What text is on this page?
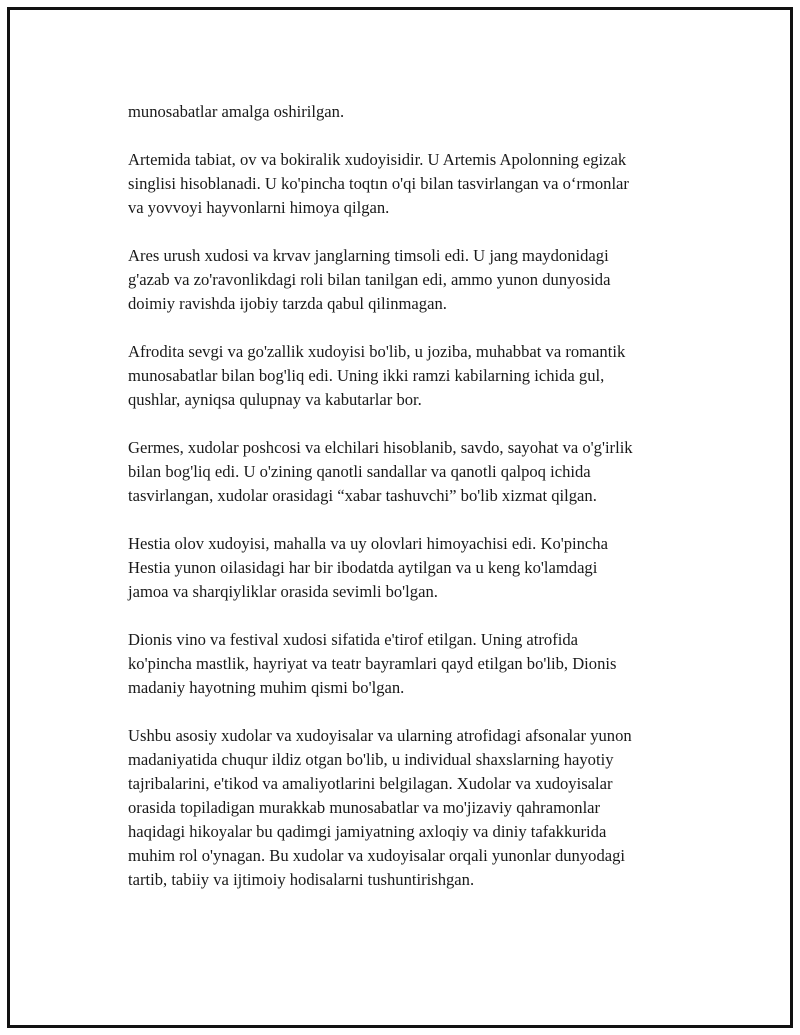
munosabatlar amalga oshirilgan.

Artemida tabiat, ov va bokiralik xudoyisidir. U Artemis Apolonning egizak
singlisi hisoblanadi. U ko'pincha toqtın o'qi bilan tasvirlangan va o‘rmonlar
va yovvoyi hayvonlarni himoya qilgan.

Ares urush xudosi va krvav janglarning timsoli edi. U jang maydonidagi
g'azab va zo'ravonlikdagi roli bilan tanilgan edi, ammo yunon dunyosida
doimiy ravishda ijobiy tarzda qabul qilinmagan.

Afrodita sevgi va go'zallik xudoyisi bo'lib, u joziba, muhabbat va romantik
munosabatlar bilan bog'liq edi. Uning ikki ramzi kabilarning ichida gul,
qushlar, ayniqsa qulupnay va kabutarlar bor.

Germes, xudolar poshcosi va elchilari hisoblanib, savdo, sayohat va o'g'irlik
bilan bog'liq edi. U o'zining qanotli sandallar va qanotli qalpoq ichida
tasvirlangan, xudolar orasidagi “xabar tashuvchi” bo'lib xizmat qilgan.

Hestia olov xudoyisi, mahalla va uy olovlari himoyachisi edi. Ko'pincha
Hestia yunon oilasidagi har bir ibodatda aytilgan va u keng ko'lamdagi
jamoa va sharqiyliklar orasida sevimli bo'lgan.

Dionis vino va festival xudosi sifatida e'tirof etilgan. Uning atrofida
ko'pincha mastlik, hayriyat va teatr bayramlari qayd etilgan bo'lib, Dionis
madaniy hayotning muhim qismi bo'lgan.

Ushbu asosiy xudolar va xudoyisalar va ularning atrofidagi afsonalar yunon
madaniyatida chuqur ildiz otgan bo'lib, u individual shaxslarning hayotiy
tajribalarini, e'tikod va amaliyotlarini belgilagan. Xudolar va xudoyisalar
orasida topiladigan murakkab munosabatlar va mo'jizaviy qahramonlar
haqidagi hikoyalar bu qadimgi jamiyatning axloqiy va diniy tafakkurida
muhim rol o'ynagan. Bu xudolar va xudoyisalar orqali yunonlar dunyodagi
tartib, tabiiy va ijtimoiy hodisalarni tushuntirishgan.
